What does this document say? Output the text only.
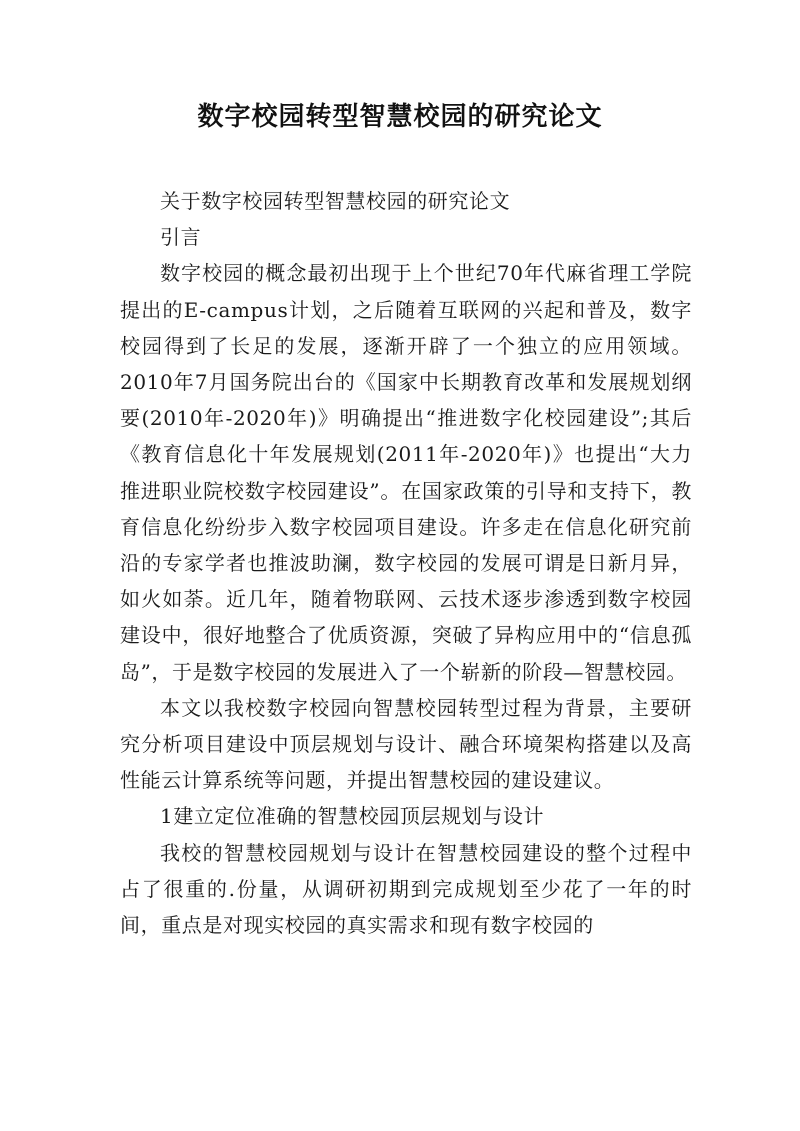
数字校园转型智慧校园的研究论文

关于数字校园转型智慧校园的研究论文

引言

数字校园的概念最初出现于上个世纪70年代麻省理工学院提出的E-campus计划，之后随着互联网的兴起和普及，数字校园得到了长足的发展，逐渐开辟了一个独立的应用领域。2010年7月国务院出台的《国家中长期教育改革和发展规划纲要(2010年-2020年)》明确提出“推进数字化校园建设”;其后《教育信息化十年发展规划(2011年-2020年)》也提出“大力推进职业院校数字校园建设”。在国家政策的引导和支持下，教育信息化纷纷步入数字校园项目建设。许多走在信息化研究前沿的专家学者也推波助澜，数字校园的发展可谓是日新月异，如火如荼。近几年，随着物联网、云技术逐步渗透到数字校园建设中，很好地整合了优质资源，突破了异构应用中的“信息孤岛”，于是数字校园的发展进入了一个崭新的阶段—智慧校园。

本文以我校数字校园向智慧校园转型过程为背景，主要研究分析项目建设中顶层规划与设计、融合环境架构搭建以及高性能云计算系统等问题，并提出智慧校园的建设建议。

1建立定位准确的智慧校园顶层规划与设计

我校的智慧校园规划与设计在智慧校园建设的整个过程中占了很重的.份量，从调研初期到完成规划至少花了一年的时间，重点是对现实校园的真实需求和现有数字校园的
